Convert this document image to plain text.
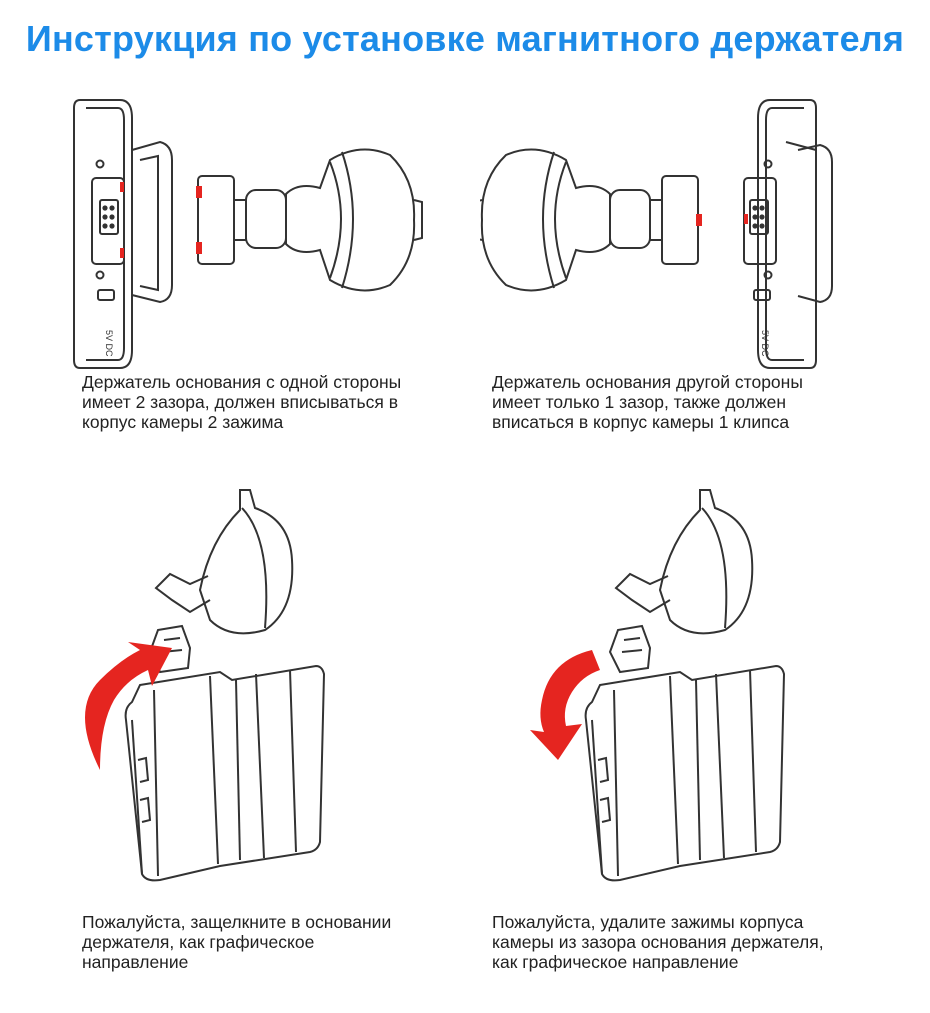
Инструкция по установке магнитного держателя
5V DC
Держатель основания с одной стороны
имеет 2 зазора, должен вписываться в
корпус камеры 2 зажима
5V DC
Держатель основания другой стороны
имеет только 1 зазор, также должен
вписаться в корпус камеры 1 клипса
Пожалуйста, защелкните в основании
держателя, как графическое
направление
Пожалуйста, удалите зажимы корпуса
камеры из зазора основания держателя,
как графическое направление
